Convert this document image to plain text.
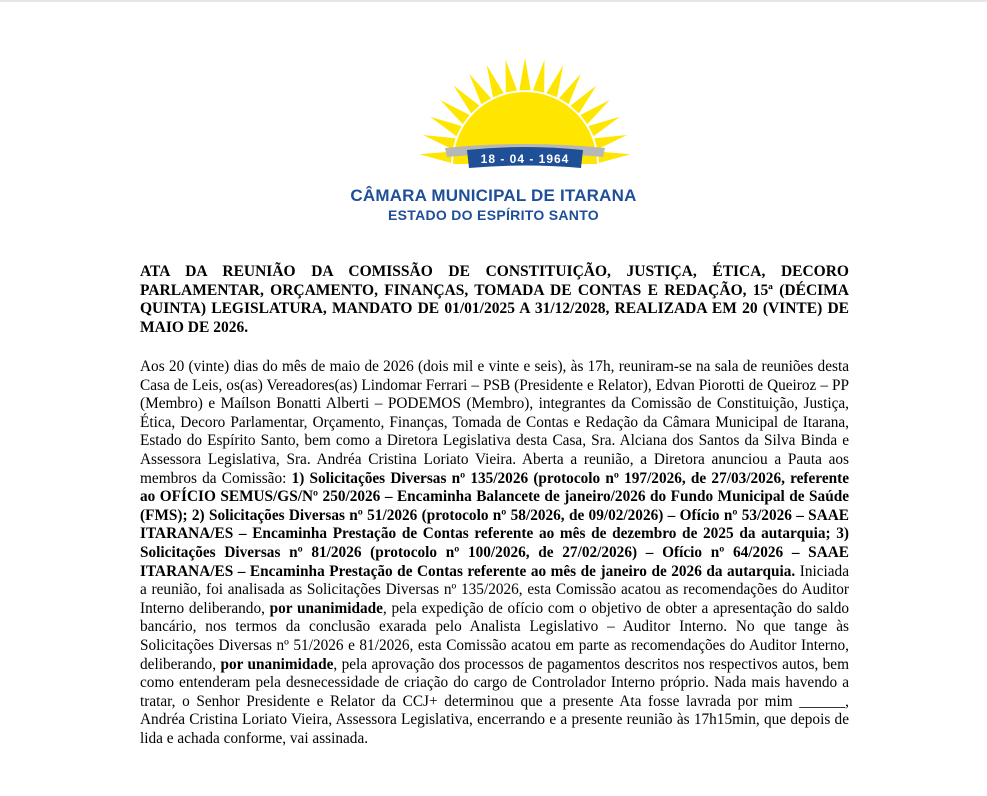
18 - 04 - 1964
CÂMARA MUNICIPAL DE ITARANA
ESTADO DO ESPÍRITO SANTO

ATA DA REUNIÃO DA COMISSÃO DE CONSTITUIÇÃO, JUSTIÇA, ÉTICA, DECORO PARLAMENTAR, ORÇAMENTO, FINANÇAS, TOMADA DE CONTAS E REDAÇÃO, 15ª (DÉCIMA QUINTA) LEGISLATURA, MANDATO DE 01/01/2025 A 31/12/2028, REALIZADA EM 20 (VINTE) DE MAIO DE 2026.

Aos 20 (vinte) dias do mês de maio de 2026 (dois mil e vinte e seis), às 17h, reuniram-se na sala de reuniões desta Casa de Leis, os(as) Vereadores(as) Lindomar Ferrari – PSB (Presidente e Relator), Edvan Piorotti de Queiroz – PP (Membro) e Maílson Bonatti Alberti – PODEMOS (Membro), integrantes da Comissão de Constituição, Justiça, Ética, Decoro Parlamentar, Orçamento, Finanças, Tomada de Contas e Redação da Câmara Municipal de Itarana, Estado do Espírito Santo, bem como a Diretora Legislativa desta Casa, Sra. Alciana dos Santos da Silva Binda e Assessora Legislativa, Sra. Andréa Cristina Loriato Vieira. Aberta a reunião, a Diretora anunciou a Pauta aos membros da Comissão: 1) Solicitações Diversas nº 135/2026 (protocolo nº 197/2026, de 27/03/2026, referente ao OFÍCIO SEMUS/GS/Nº 250/2026 – Encaminha Balancete de janeiro/2026 do Fundo Municipal de Saúde (FMS); 2) Solicitações Diversas nº 51/2026 (protocolo nº 58/2026, de 09/02/2026) – Ofício nº 53/2026 – SAAE ITARANA/ES – Encaminha Prestação de Contas referente ao mês de dezembro de 2025 da autarquia; 3) Solicitações Diversas nº 81/2026 (protocolo nº 100/2026, de 27/02/2026) – Ofício nº 64/2026 – SAAE ITARANA/ES – Encaminha Prestação de Contas referente ao mês de janeiro de 2026 da autarquia. Iniciada a reunião, foi analisada as Solicitações Diversas nº 135/2026, esta Comissão acatou as recomendações do Auditor Interno deliberando, por unanimidade, pela expedição de ofício com o objetivo de obter a apresentação do saldo bancário, nos termos da conclusão exarada pelo Analista Legislativo – Auditor Interno. No que tange às Solicitações Diversas nº 51/2026 e 81/2026, esta Comissão acatou em parte as recomendações do Auditor Interno, deliberando, por unanimidade, pela aprovação dos processos de pagamentos descritos nos respectivos autos, bem como entenderam pela desnecessidade de criação do cargo de Controlador Interno próprio. Nada mais havendo a tratar, o Senhor Presidente e Relator da CCJ+ determinou que a presente Ata fosse lavrada por mim ______, Andréa Cristina Loriato Vieira, Assessora Legislativa, encerrando e a presente reunião às 17h15min, que depois de lida e achada conforme, vai assinada.
